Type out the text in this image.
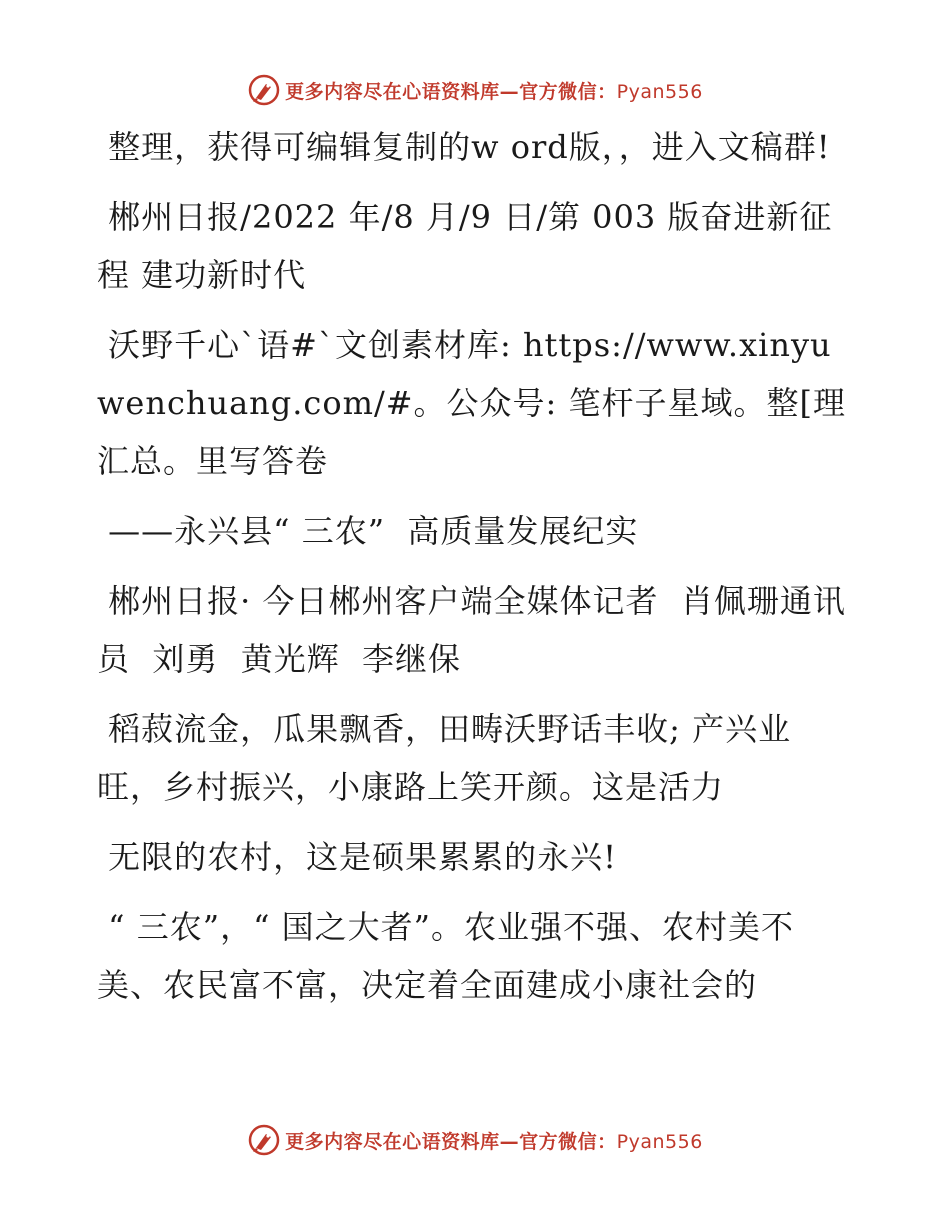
更多内容尽在心语资料库—官方微信：Pyan556

整理，获得可编辑复制的w ord版，，进入文稿群!

郴州日报/2022 年/8 月/9 日/第 003 版奋进新征程 建功新时代

沃野千心`语#`文创素材库: https://www.xinyuwenchuang.com/#。公众号: 笔杆子星域。整[理汇总。里写答卷

——永兴县“ 三农”  高质量发展纪实

郴州日报· 今日郴州客户端全媒体记者  肖佩珊通讯员  刘勇  黄光辉  李继保

稻菽流金，瓜果飘香，田畴沃野话丰收; 产兴业旺，乡村振兴，小康路上笑开颜。这是活力

无限的农村，这是硕果累累的永兴!

“ 三农”，“ 国之大者”。农业强不强、农村美不美、农民富不富，决定着全面建成小康社会的

更多内容尽在心语资料库—官方微信：Pyan556
